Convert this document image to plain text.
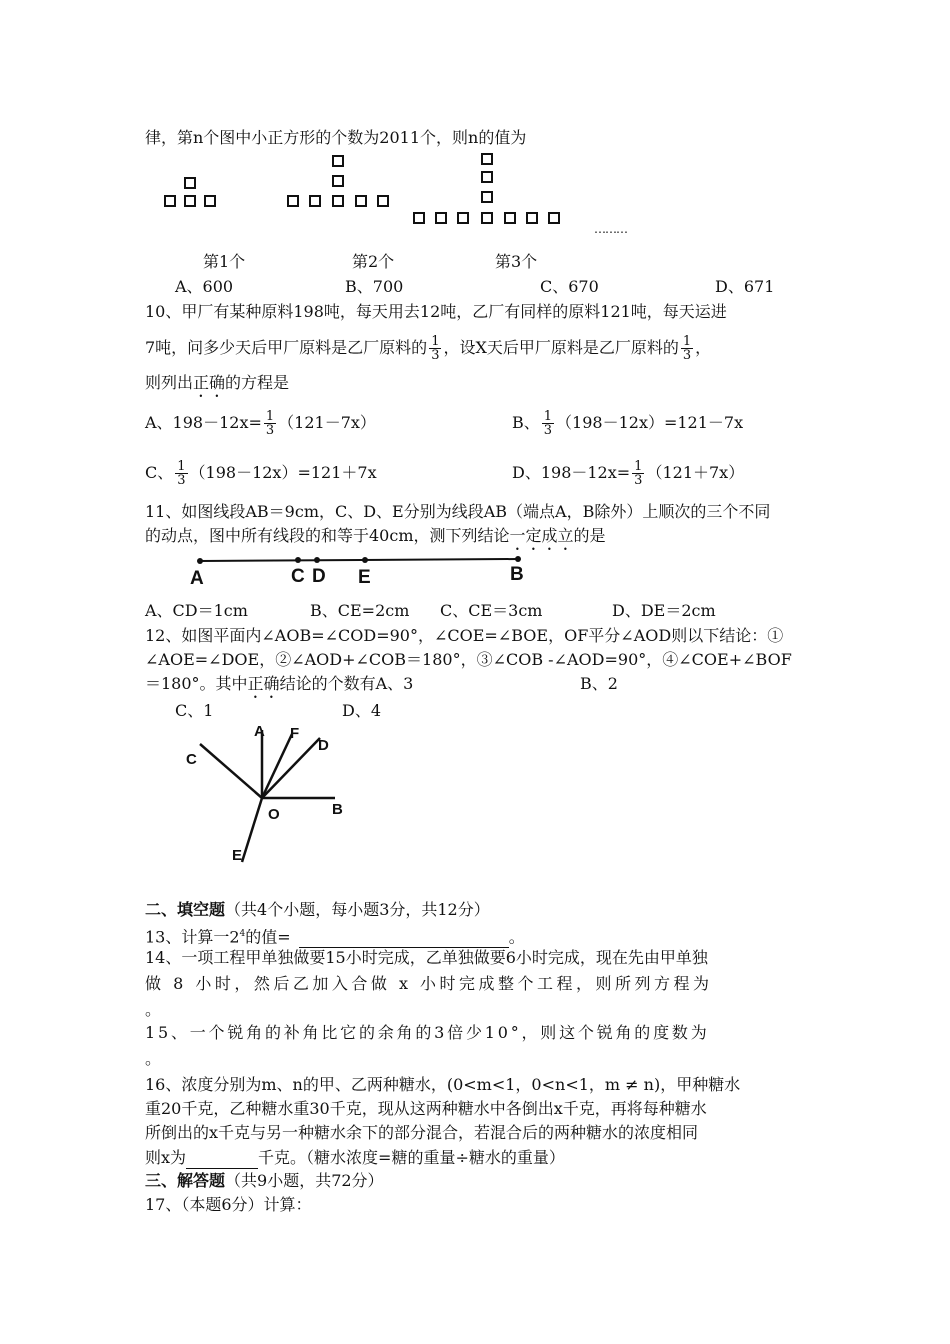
律，第n个图中小正方形的个数为2011个，则n的值为
………
第1个	第2个	第3个
A、600	B、700	C、670	D、671
10、甲厂有某种原料198吨，每天用去12吨，乙厂有同样的原料121吨，每天运进
7吨，问多少天后甲厂原料是乙厂原料的 $\frac{1}{3}$ ，设X天后甲厂原料是乙厂原料的 $\frac{1}{3}$ ，
则列出正确的方程是
A、$198-12x= \frac{1}{3} (121-7x)$	B、 $\frac{1}{3} (198-12x)=121-7x$
C、 $\frac{1}{3} (198-12x)=121+7x$	D、$198-12x= \frac{1}{3} (121+7x)$
11、如图线段AB＝9cm，C、D、E分别为线段AB（端点A，B除外）上顺次的三个不同
的动点，图中所有线段的和等于40cm，测下列结论一定成立的是
A	C D E	B
A、CD＝1cm	B、CE=2cm C、CE＝3cm	D、DE＝2cm
12、如图平面内∠AOB=∠COD=90°，∠COE=∠BOE，OF平分∠AOD则以下结论：①
∠AOE=∠DOE，②∠AOD+∠COB＝180°，③∠COB -∠AOD=90°，④∠COE+∠BOF
＝180°。其中正确结论的个数有A、3	B、2
C、1	D、4
A F
D
C
O	B
E
二、填空题（共4个小题，每小题3分，共12分）
13、计算一$2^4$的值=	。
14、一项工程甲单独做要15小时完成，乙单独做要6小时完成，现在先由甲单独
做 8 小时，然后乙加入合做 x 小时完成整个工程，则所列方程为
。
15、一个锐角的补角比它的余角的3倍少10°，则这个锐角的度数为
。
16、浓度分别为m、n的甲、乙两种糖水，(0<m<1，0<n<1，m ≠ n)，甲种糖水
重20千克，乙种糖水重30千克，现从这两种糖水中各倒出x千克，再将每种糖水
所倒出的x千克与另一种糖水余下的部分混合，若混合后的两种糖水的浓度相同
则x为	千克。（糖水浓度=糖的重量÷糖水的重量）
三、解答题（共9小题，共72分）
17、（本题6分）计算：
